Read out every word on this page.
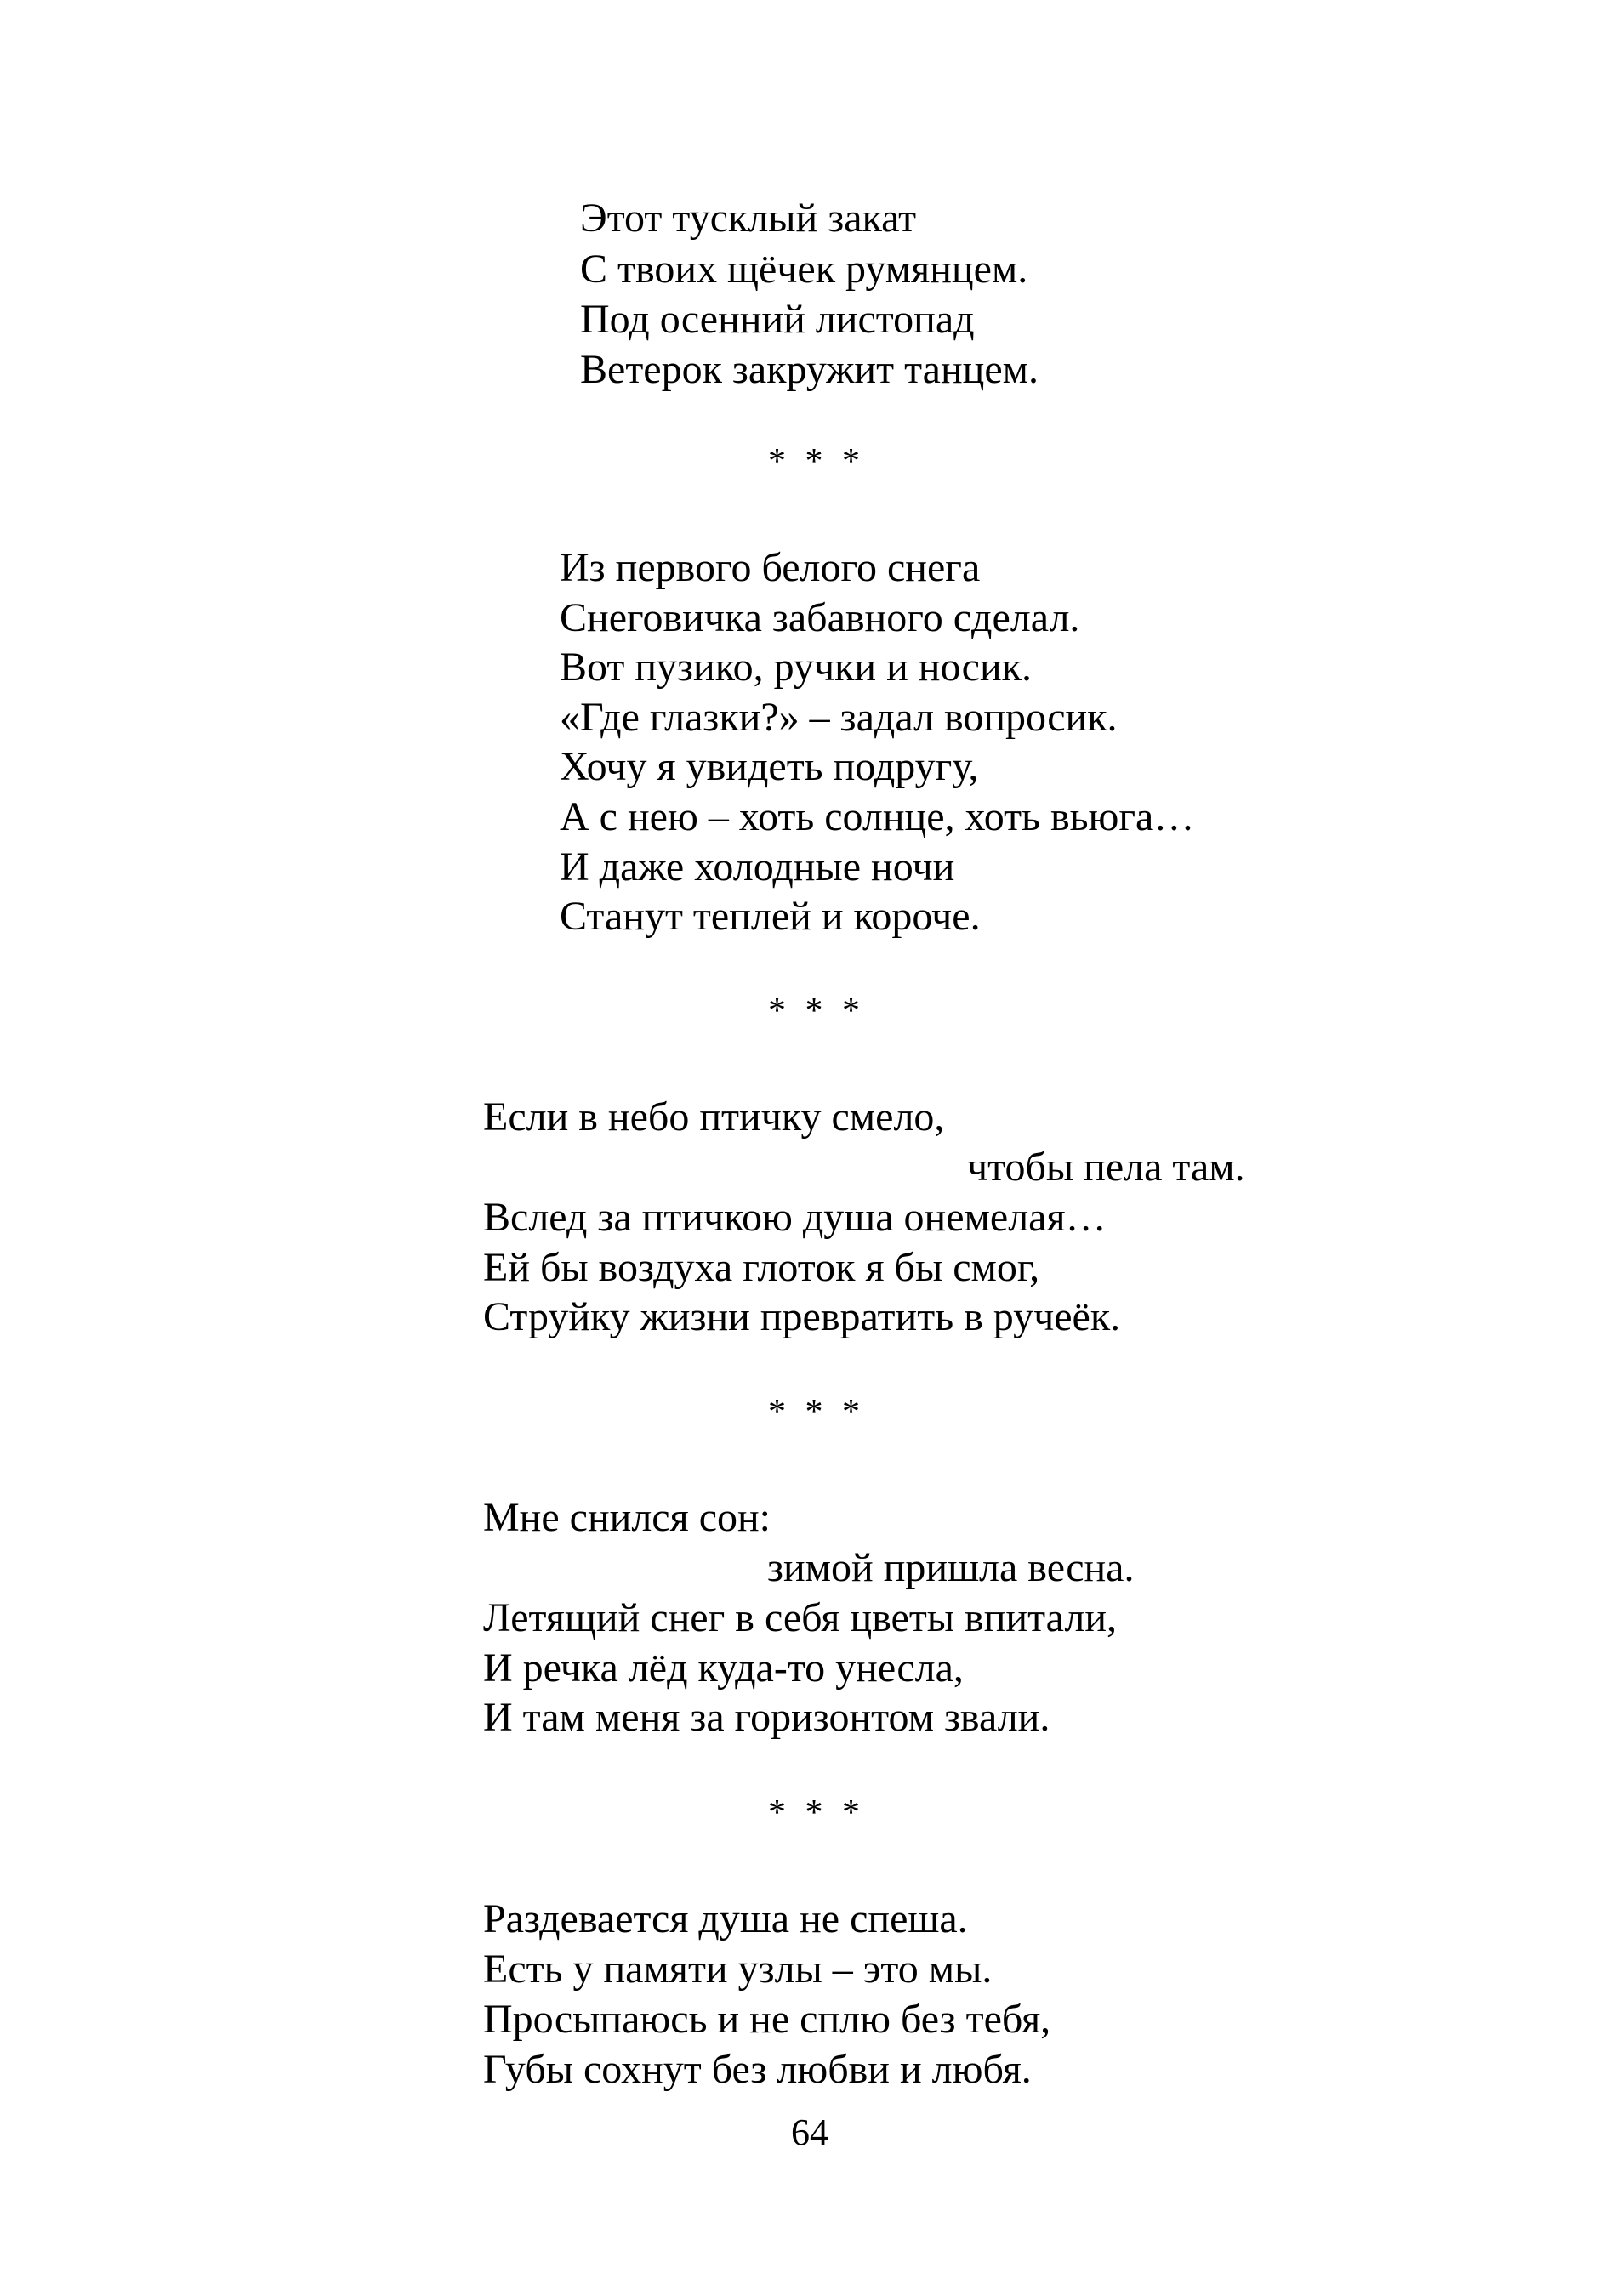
Этот тусклый закат
С твоих щёчек румянцем.
Под осенний листопад
Ветерок закружит танцем.
* * *
Из первого белого снега
Снеговичка забавного сделал.
Вот пузико, ручки и носик.
«Где глазки?» – задал вопросик.
Хочу я увидеть подругу,
А с нею – хоть солнце, хоть вьюга…
И даже холодные ночи
Станут теплей и короче.
* * *
Если в небо птичку смело,
чтобы пела там.
Вслед за птичкою душа онемелая…
Ей бы воздуха глоток я бы смог,
Струйку жизни превратить в ручеёк.
* * *
Мне снился сон:
зимой пришла весна.
Летящий снег в себя цветы впитали,
И речка лёд куда-то унесла,
И там меня за горизонтом звали.
* * *
Раздевается душа не спеша.
Есть у памяти узлы – это мы.
Просыпаюсь и не сплю без тебя,
Губы сохнут без любви и любя.
64
